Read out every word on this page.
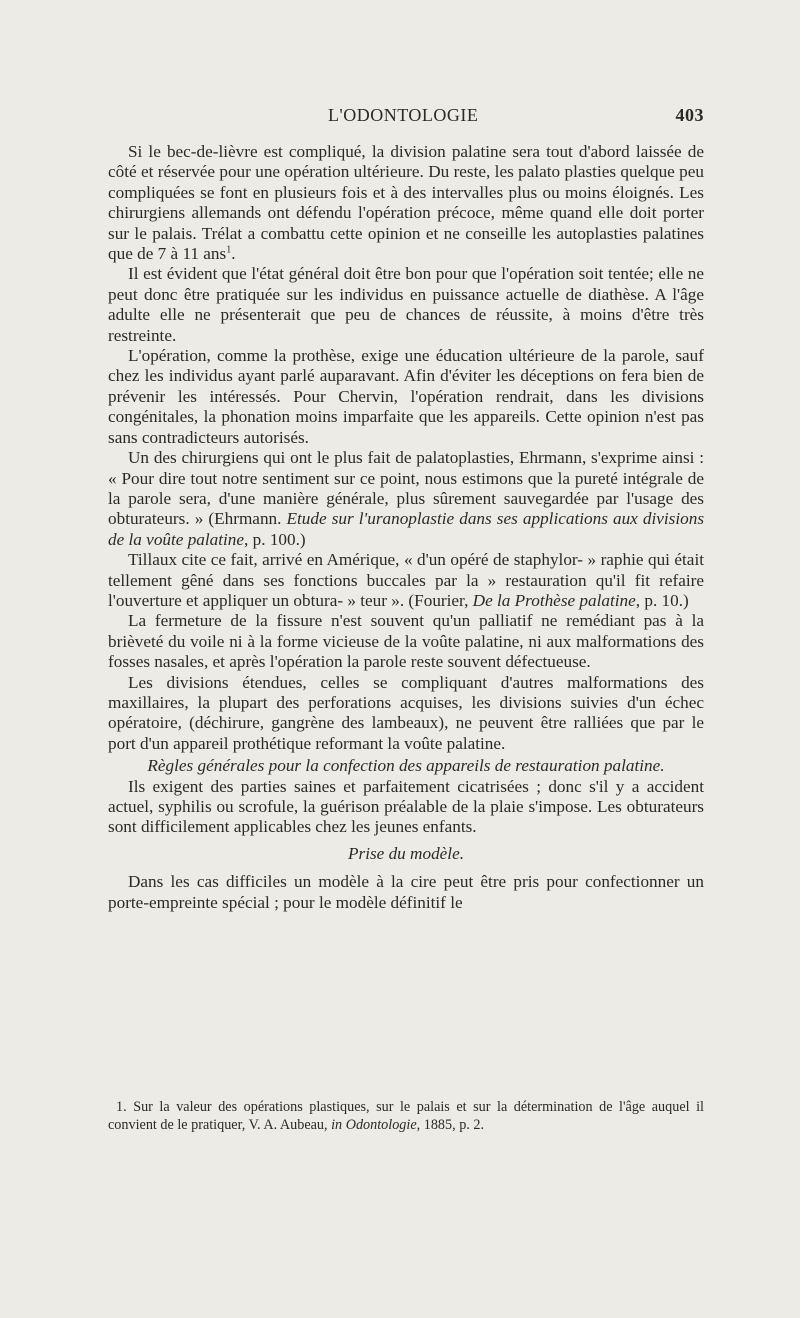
L'ODONTOLOGIE	403

Si le bec-de-lièvre est compliqué, la division palatine sera tout d'abord laissée de côté et réservée pour une opération ultérieure. Du reste, les palato plasties quelque peu compliquées se font en plusieurs fois et à des intervalles plus ou moins éloignés. Les chirurgiens allemands ont défendu l'opération précoce, même quand elle doit porter sur le palais. Trélat a combattu cette opinion et ne conseille les autoplasties palatines que de 7 à 11 ans$^1$.

Il est évident que l'état général doit être bon pour que l'opération soit tentée; elle ne peut donc être pratiquée sur les individus en puissance actuelle de diathèse. A l'âge adulte elle ne présenterait que peu de chances de réussite, à moins d'être très restreinte.

L'opération, comme la prothèse, exige une éducation ultérieure de la parole, sauf chez les individus ayant parlé auparavant. Afin d'éviter les déceptions on fera bien de prévenir les intéressés. Pour Chervin, l'opération rendrait, dans les divisions congénitales, la phonation moins imparfaite que les appareils. Cette opinion n'est pas sans contradicteurs autorisés.

Un des chirurgiens qui ont le plus fait de palatoplasties, Ehrmann, s'exprime ainsi : « Pour dire tout notre sentiment sur ce point, nous estimons que la pureté intégrale de la parole sera, d'une manière générale, plus sûrement sauvegardée par l'usage des obturateurs. » (Ehrmann. Etude sur l'uranoplastie dans ses applications aux divisions de la voûte palatine, p. 100.)

Tillaux cite ce fait, arrivé en Amérique, « d'un opéré de staphylor- » raphie qui était tellement gêné dans ses fonctions buccales par la » restauration qu'il fit refaire l'ouverture et appliquer un obtura- » teur ». (Fourier, De la Prothèse palatine, p. 10.)

La fermeture de la fissure n'est souvent qu'un palliatif ne remédiant pas à la brièveté du voile ni à la forme vicieuse de la voûte palatine, ni aux malformations des fosses nasales, et après l'opération la parole reste souvent défectueuse.

Les divisions étendues, celles se compliquant d'autres malformations des maxillaires, la plupart des perforations acquises, les divisions suivies d'un échec opératoire, (déchirure, gangrène des lambeaux), ne peuvent être ralliées que par le port d'un appareil prothétique reformant la voûte palatine.

Règles générales pour la confection des appareils de restauration palatine.

Ils exigent des parties saines et parfaitement cicatrisées ; donc s'il y a accident actuel, syphilis ou scrofule, la guérison préalable de la plaie s'impose. Les obturateurs sont difficilement applicables chez les jeunes enfants.

Prise du modèle.

Dans les cas difficiles un modèle à la cire peut être pris pour confectionner un porte-empreinte spécial ; pour le modèle définitif le

1. Sur la valeur des opérations plastiques, sur le palais et sur la détermination de l'âge auquel il convient de le pratiquer, V. A. Aubeau, in Odontologie, 1885, p. 2.
